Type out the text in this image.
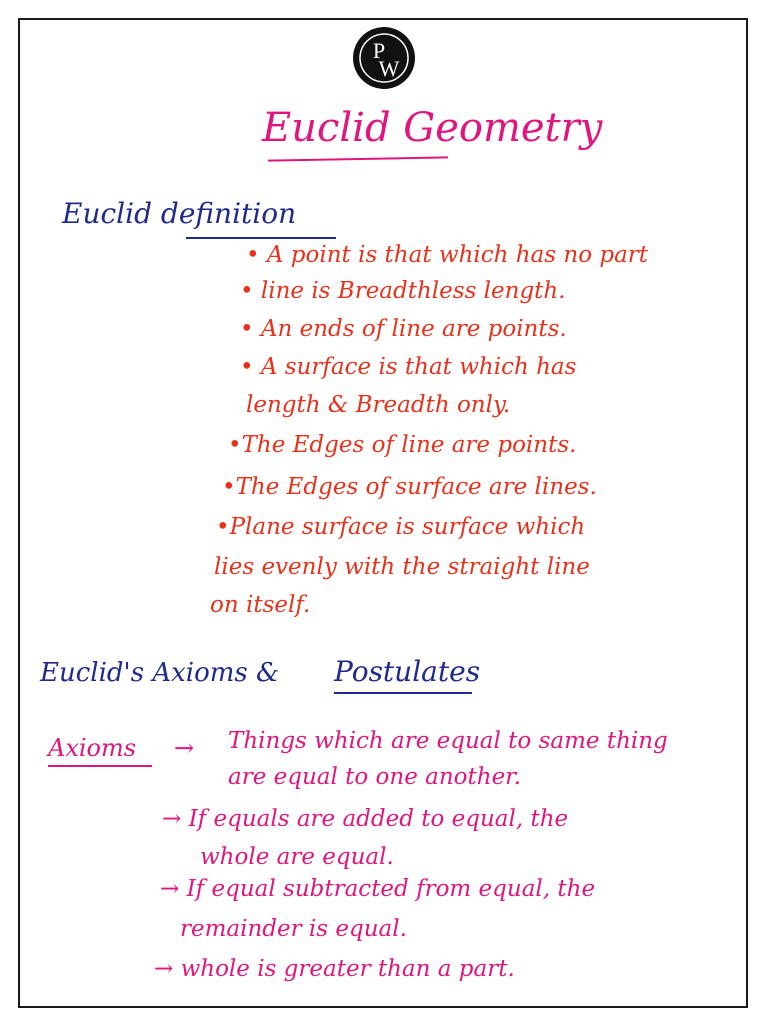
P
W
Euclid Geometry
Euclid definition
• A point is that which has no part
• line is Breadthless length.
• An ends of line are points.
• A surface is that which has
length & Breadth only.
•The Edges of line are points.
•The Edges of surface are lines.
•Plane surface is surface which
lies evenly with the straight line
on itself.
Euclid's Axioms & Postulates
Axioms → Things which are equal to same thing
are equal to one another.
→ If equals are added to equal, the
whole are equal.
→ If equal subtracted from equal, the
remainder is equal.
→ whole is greater than a part.
